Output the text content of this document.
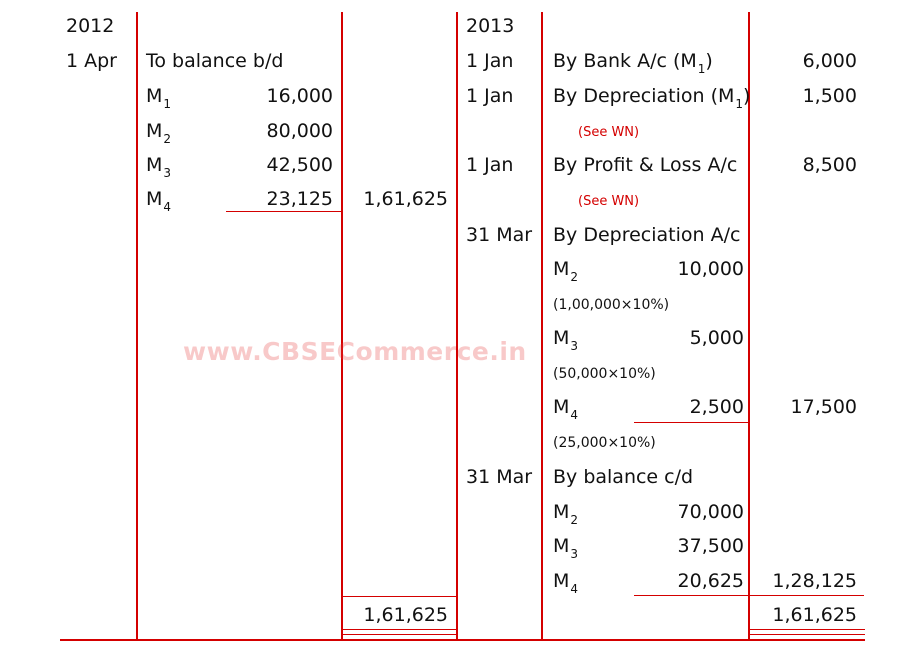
www.CBSECommerce.in
2012
1 Apr To balance b/d
$M_1$	16,000
$M_2$	80,000
$M_3$	42,500
$M_4$	23,125	1,61,625
1,61,625
2013
1 Jan By Bank A/c $(M_1)$	6,000
1 Jan By Depreciation $(M_1)$	1,500
(See WN)
1 Jan By Profit & Loss A/c	8,500
(See WN)
31 Mar By Depreciation A/c
$M_2$	10,000
(1,00,000×10%)
$M_3$	5,000
(50,000×10%)
$M_4$	2,500	17,500
(25,000×10%)
31 Mar By balance c/d
$M_2$	70,000
$M_3$	37,500
$M_4$	20,625	1,28,125
1,61,625
